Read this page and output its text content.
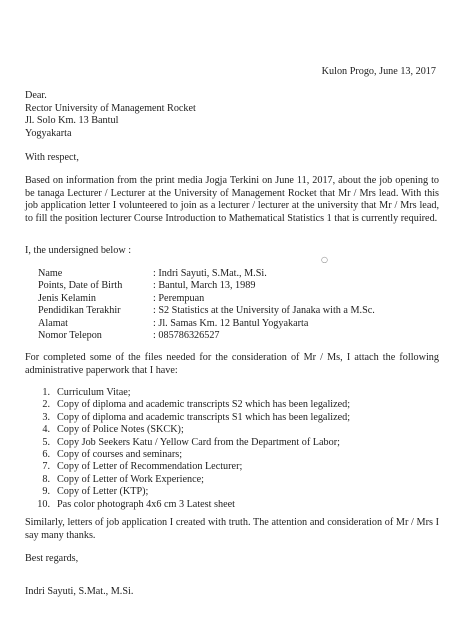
Kulon Progo, June 13, 2017
Dear.
Rector University of Management Rocket
Jl. Solo Km. 13 Bantul
Yogyakarta
With respect,
Based on information from the print media Jogja Terkini on June 11, 2017, about the job opening to be tanaga Lecturer / Lecturer at the University of Management Rocket that Mr / Mrs lead. With this job application letter I volunteered to join as a lecturer / lecturer at the university that Mr / Mrs lead, to fill the position lecturer Course Introduction to Mathematical Statistics 1 that is currently required.
I, the undersigned below :
○
Name	: Indri Sayuti, S.Mat., M.Si.
Points, Date of Birth	: Bantul, March 13, 1989
Jenis Kelamin	: Perempuan
Pendidikan Terakhir	: S2 Statistics at the University of Janaka with a M.Sc.
Alamat	: Jl. Samas Km. 12 Bantul Yogyakarta
Nomor Telepon	: 085786326527
For completed some of the files needed for the consideration of Mr / Ms, I attach the following administrative paperwork that I have:
1. Curriculum Vitae;
2. Copy of diploma and academic transcripts S2 which has been legalized;
3. Copy of diploma and academic transcripts S1 which has been legalized;
4. Copy of Police Notes (SKCK);
5. Copy Job Seekers Katu / Yellow Card from the Department of Labor;
6. Copy of courses and seminars;
7. Copy of Letter of Recommendation Lecturer;
8. Copy of Letter of Work Experience;
9. Copy of Letter (KTP);
10. Pas color photograph 4x6 cm 3 Latest sheet
Similarly, letters of job application I created with truth. The attention and consideration of Mr / Mrs I say many thanks.
Best regards,
Indri Sayuti, S.Mat., M.Si.
